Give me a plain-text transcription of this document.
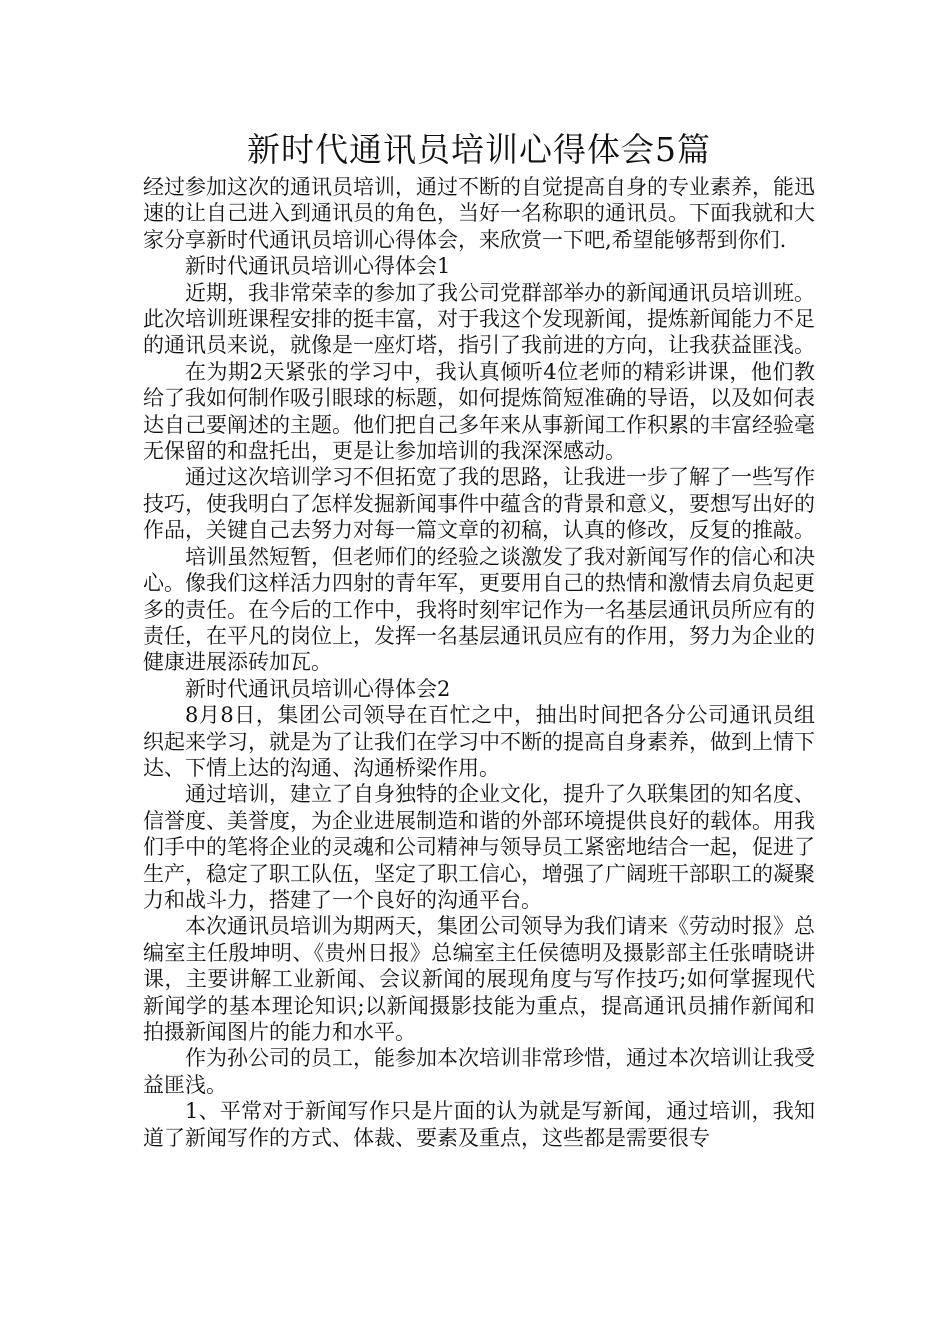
新时代通讯员培训心得体会5篇

经过参加这次的通讯员培训，通过不断的自觉提高自身的专业素养，能迅速的让自己进入到通讯员的角色，当好一名称职的通讯员。下面我就和大家分享新时代通讯员培训心得体会，来欣赏一下吧,希望能够帮到你们.

新时代通讯员培训心得体会1

近期，我非常荣幸的参加了我公司党群部举办的新闻通讯员培训班。此次培训班课程安排的挺丰富，对于我这个发现新闻，提炼新闻能力不足的通讯员来说，就像是一座灯塔，指引了我前进的方向，让我获益匪浅。

在为期2天紧张的学习中，我认真倾听4位老师的精彩讲课，他们教给了我如何制作吸引眼球的标题，如何提炼简短准确的导语，以及如何表达自己要阐述的主题。他们把自己多年来从事新闻工作积累的丰富经验毫无保留的和盘托出，更是让参加培训的我深深感动。

通过这次培训学习不但拓宽了我的思路，让我进一步了解了一些写作技巧，使我明白了怎样发掘新闻事件中蕴含的背景和意义，要想写出好的作品，关键自己去努力对每一篇文章的初稿，认真的修改，反复的推敲。

培训虽然短暂，但老师们的经验之谈激发了我对新闻写作的信心和决心。像我们这样活力四射的青年军，更要用自己的热情和激情去肩负起更多的责任。在今后的工作中，我将时刻牢记作为一名基层通讯员所应有的责任，在平凡的岗位上，发挥一名基层通讯员应有的作用，努力为企业的健康进展添砖加瓦。

新时代通讯员培训心得体会2

8月8日，集团公司领导在百忙之中，抽出时间把各分公司通讯员组织起来学习，就是为了让我们在学习中不断的提高自身素养，做到上情下达、下情上达的沟通、沟通桥梁作用。

通过培训，建立了自身独特的企业文化，提升了久联集团的知名度、信誉度、美誉度，为企业进展制造和谐的外部环境提供良好的载体。用我们手中的笔将企业的灵魂和公司精神与领导员工紧密地结合一起，促进了生产，稳定了职工队伍，坚定了职工信心，增强了广阔班干部职工的凝聚力和战斗力，搭建了一个良好的沟通平台。

本次通讯员培训为期两天，集团公司领导为我们请来《劳动时报》总编室主任殷坤明、《贵州日报》总编室主任侯德明及摄影部主任张晴晓讲课，主要讲解工业新闻、会议新闻的展现角度与写作技巧;如何掌握现代新闻学的基本理论知识;以新闻摄影技能为重点，提高通讯员捕作新闻和拍摄新闻图片的能力和水平。

作为孙公司的员工，能参加本次培训非常珍惜，通过本次培训让我受益匪浅。

1、平常对于新闻写作只是片面的认为就是写新闻，通过培训，我知道了新闻写作的方式、体裁、要素及重点，这些都是需要很专
